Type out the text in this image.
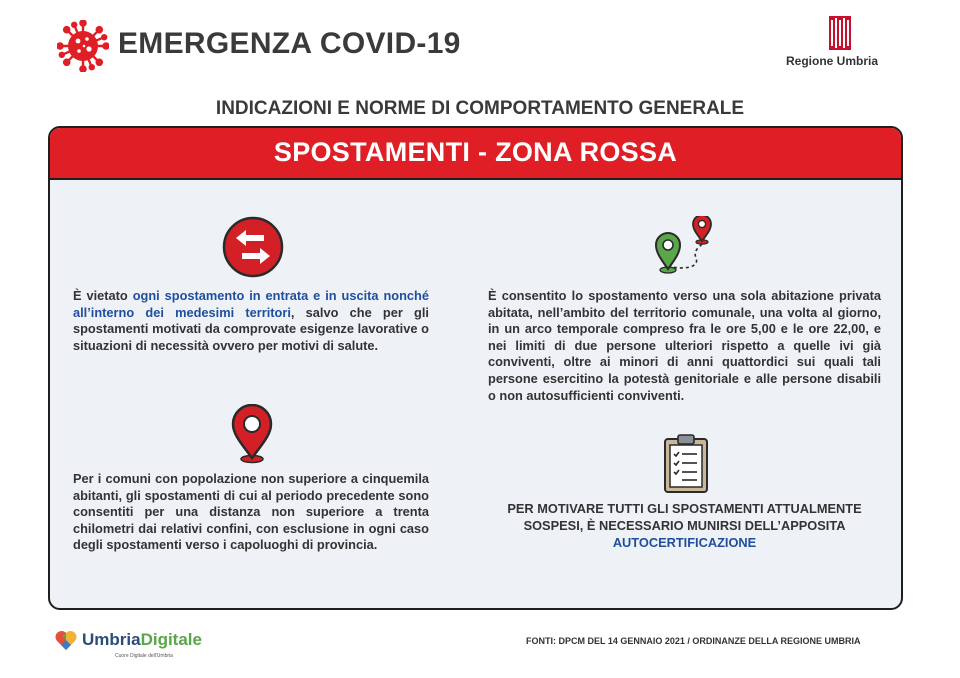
EMERGENZA COVID-19
Regione Umbria
INDICAZIONI E NORME DI COMPORTAMENTO GENERALE
SPOSTAMENTI - ZONA ROSSA
È vietato ogni spostamento in entrata e in uscita nonché all’interno dei medesimi territori, salvo che per gli spostamenti motivati da comprovate esigenze lavorative o situazioni di necessità ovvero per motivi di salute.
Per i comuni con popolazione non superiore a cinquemila abitanti, gli spostamenti di cui al periodo precedente sono consentiti per una distanza non superiore a trenta chilometri dai relativi confini, con esclusione in ogni caso degli spostamenti verso i capoluoghi di provincia.
È consentito lo spostamento verso una sola abitazione privata abitata, nell’ambito del territorio comunale, una volta al giorno, in un arco temporale compreso fra le ore 5,00 e le ore 22,00, e nei limiti di due persone ulteriori rispetto a quelle ivi già conviventi, oltre ai minori di anni quattordici sui quali tali persone esercitino la potestà genitoriale e alle persone disabili o non autosufficienti conviventi.
PER MOTIVARE TUTTI GLI SPOSTAMENTI ATTUALMENTE SOSPESI, È NECESSARIO MUNIRSI DELL’APPOSITA AUTOCERTIFICAZIONE
UmbriaDigitale
Cuore Digitale dell'Umbria
FONTI: DPCM DEL 14 GENNAIO 2021 / ORDINANZE DELLA REGIONE UMBRIA
